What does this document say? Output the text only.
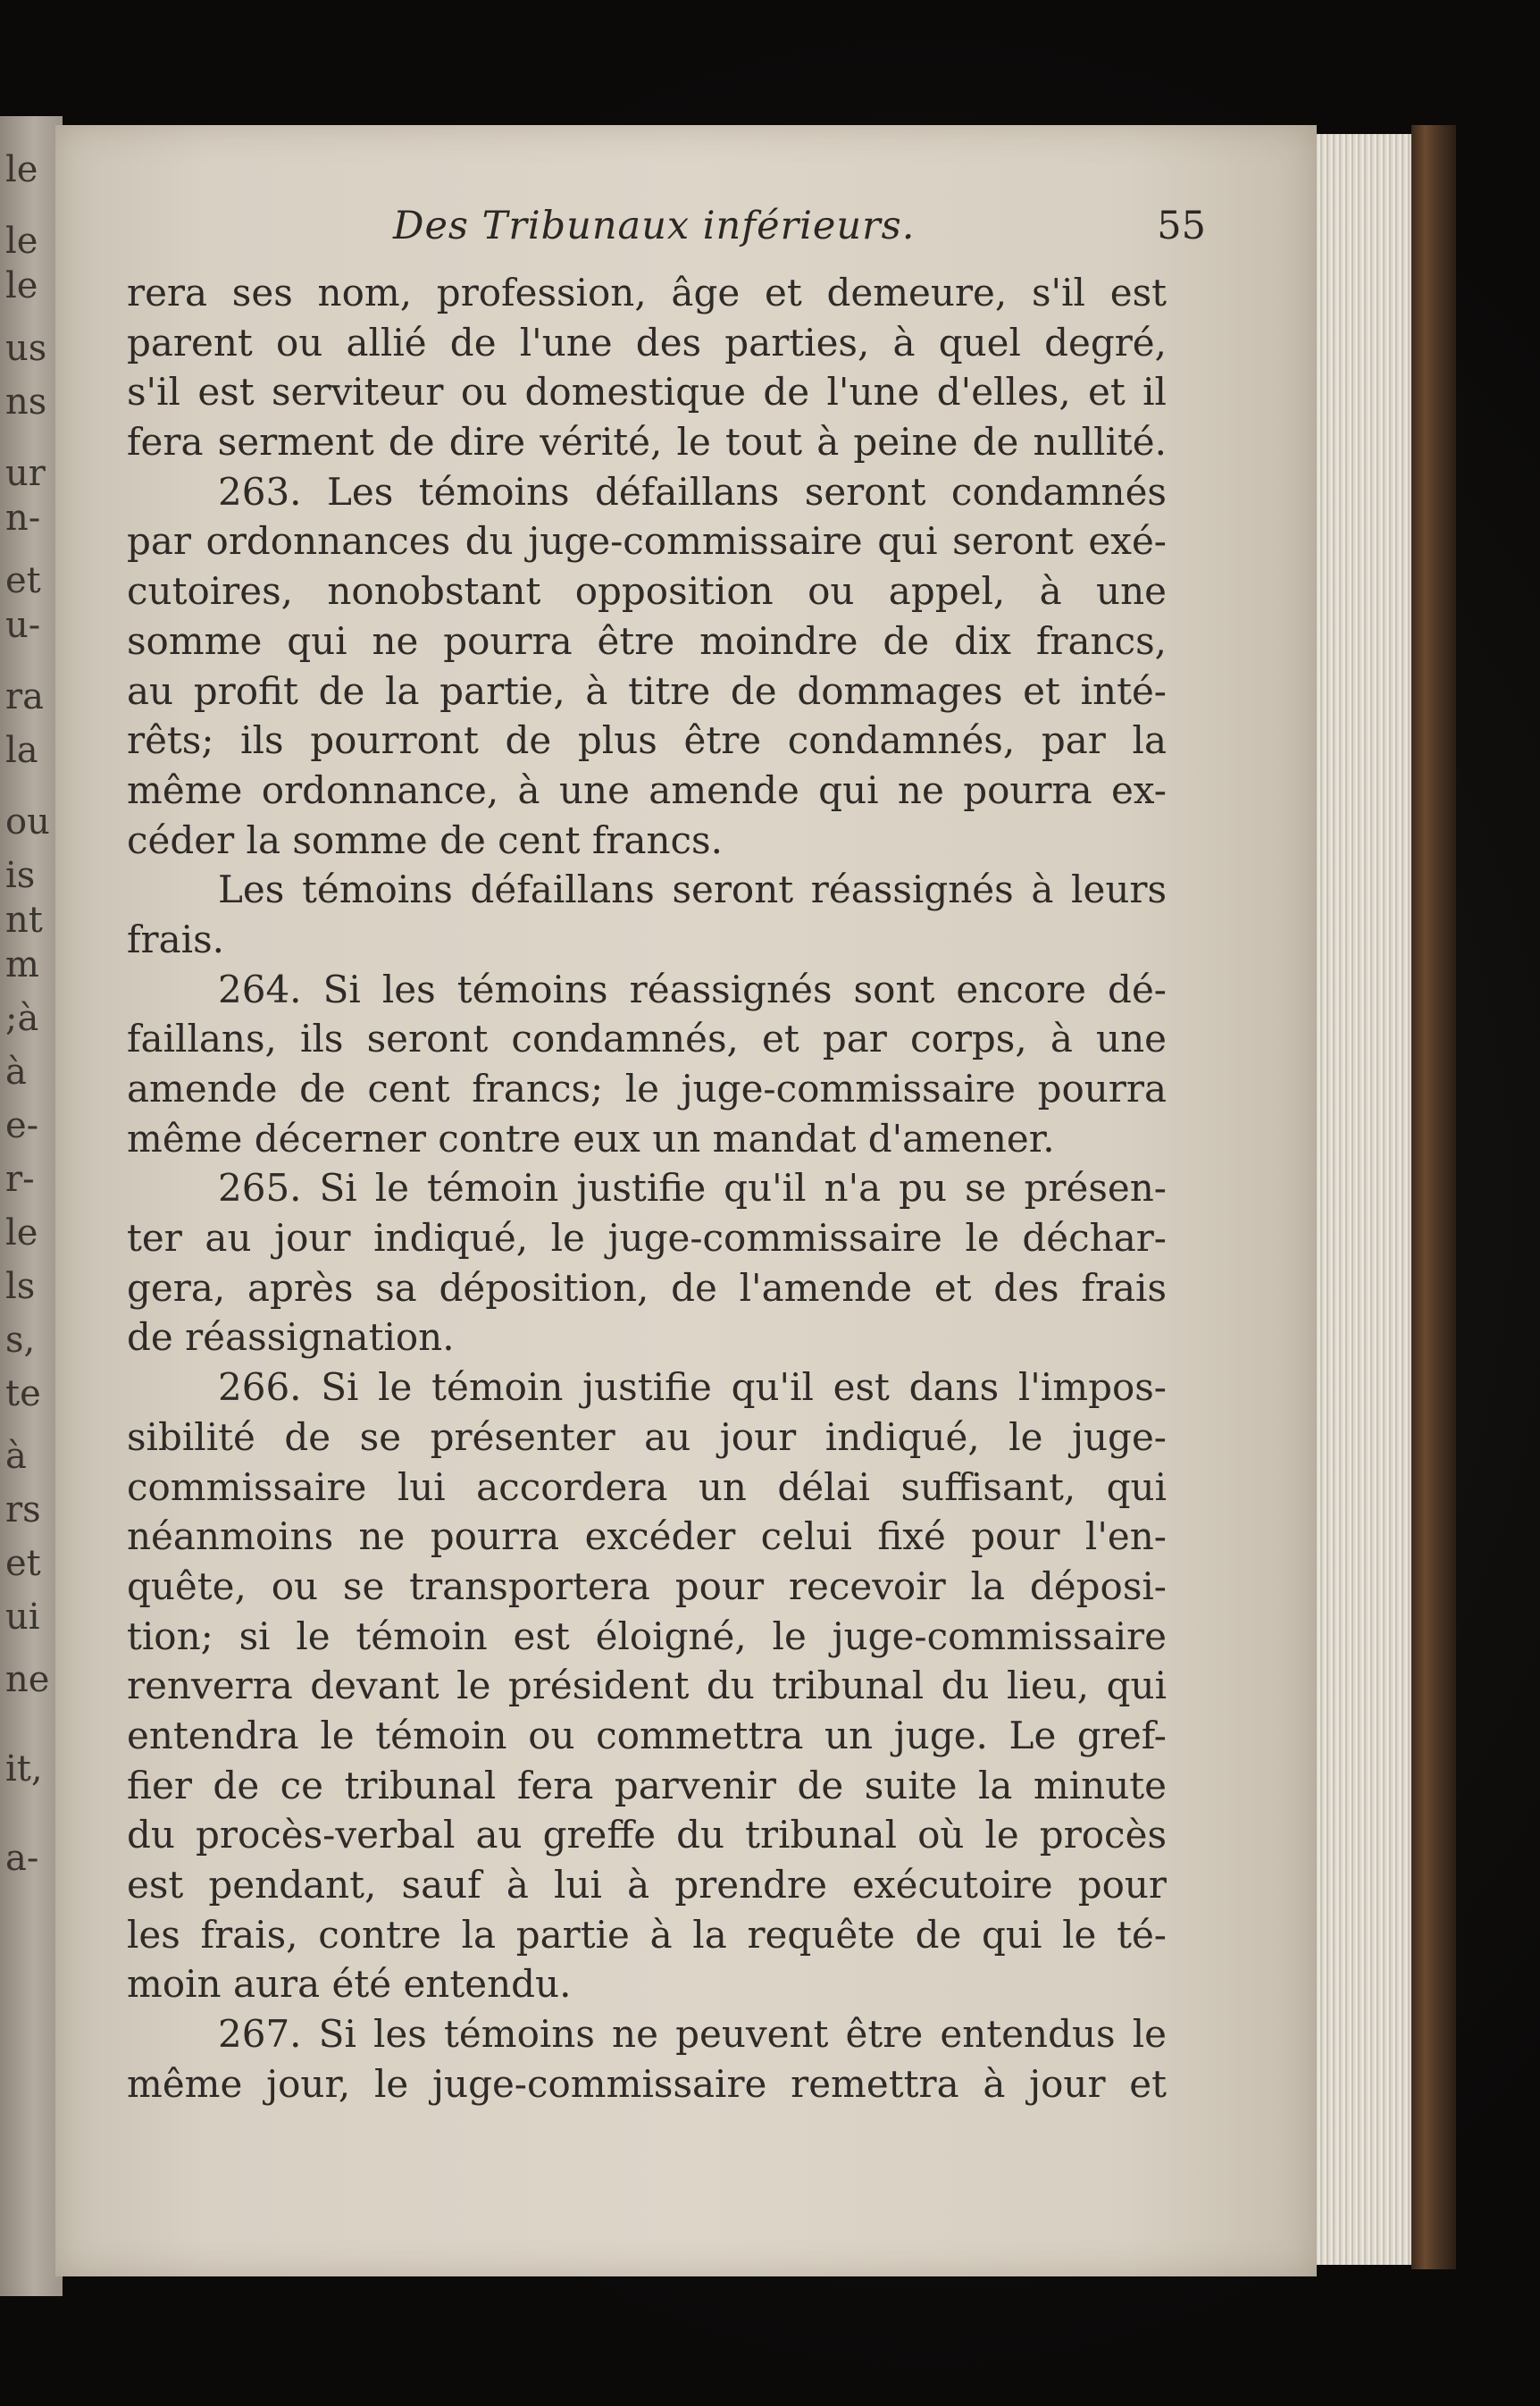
le
le
le
us
ns
ur
n-
et
u-
ra
la
ou
is
nt
m
;à
à
e-
r-
le
ls
s,
te
à
rs
et
ui
ne
it,
a-
Des Tribunaux inférieurs.	55
rera ses nom, profession, âge et demeure, s'il est
parent ou allié de l'une des parties, à quel degré,
s'il est serviteur ou domestique de l'une d'elles, et il
fera serment de dire vérité, le tout à peine de nullité.
263. Les témoins défaillans seront condamnés
par ordonnances du juge-commissaire qui seront exé-
cutoires, nonobstant opposition ou appel, à une
somme qui ne pourra être moindre de dix francs,
au profit de la partie, à titre de dommages et inté-
rêts; ils pourront de plus être condamnés, par la
même ordonnance, à une amende qui ne pourra ex-
céder la somme de cent francs.
Les témoins défaillans seront réassignés à leurs
frais.
264. Si les témoins réassignés sont encore dé-
faillans, ils seront condamnés, et par corps, à une
amende de cent francs; le juge-commissaire pourra
même décerner contre eux un mandat d'amener.
265. Si le témoin justifie qu'il n'a pu se présen-
ter au jour indiqué, le juge-commissaire le déchar-
gera, après sa déposition, de l'amende et des frais
de réassignation.
266. Si le témoin justifie qu'il est dans l'impos-
sibilité de se présenter au jour indiqué, le juge-
commissaire lui accordera un délai suffisant, qui
néanmoins ne pourra excéder celui fixé pour l'en-
quête, ou se transportera pour recevoir la déposi-
tion; si le témoin est éloigné, le juge-commissaire
renverra devant le président du tribunal du lieu, qui
entendra le témoin ou commettra un juge. Le gref-
fier de ce tribunal fera parvenir de suite la minute
du procès-verbal au greffe du tribunal où le procès
est pendant, sauf à lui à prendre exécutoire pour
les frais, contre la partie à la requête de qui le té-
moin aura été entendu.
267. Si les témoins ne peuvent être entendus le
même jour, le juge-commissaire remettra à jour et
